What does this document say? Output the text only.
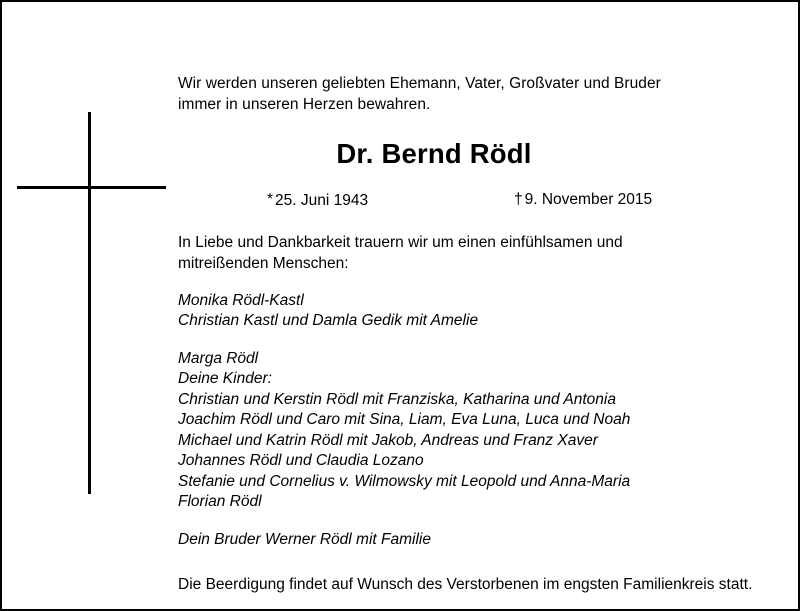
Wir werden unseren geliebten Ehemann, Vater, Großvater und Bruder immer in unseren Herzen bewahren.

Dr. Bernd Rödl
* 25. Juni 1943	† 9. November 2015

In Liebe und Dankbarkeit trauern wir um einen einfühlsamen und mitreißenden Menschen:

Monika Rödl-Kastl
Christian Kastl und Damla Gedik mit Amelie
Marga Rödl
Deine Kinder:
Christian und Kerstin Rödl mit Franziska, Katharina und Antonia
Joachim Rödl und Caro mit Sina, Liam, Eva Luna, Luca und Noah
Michael und Katrin Rödl mit Jakob, Andreas und Franz Xaver
Johannes Rödl und Claudia Lozano
Stefanie und Cornelius v. Wilmowsky mit Leopold und Anna-Maria
Florian Rödl
Dein Bruder Werner Rödl mit Familie

Die Beerdigung findet auf Wunsch des Verstorbenen im engsten Familienkreis statt.
